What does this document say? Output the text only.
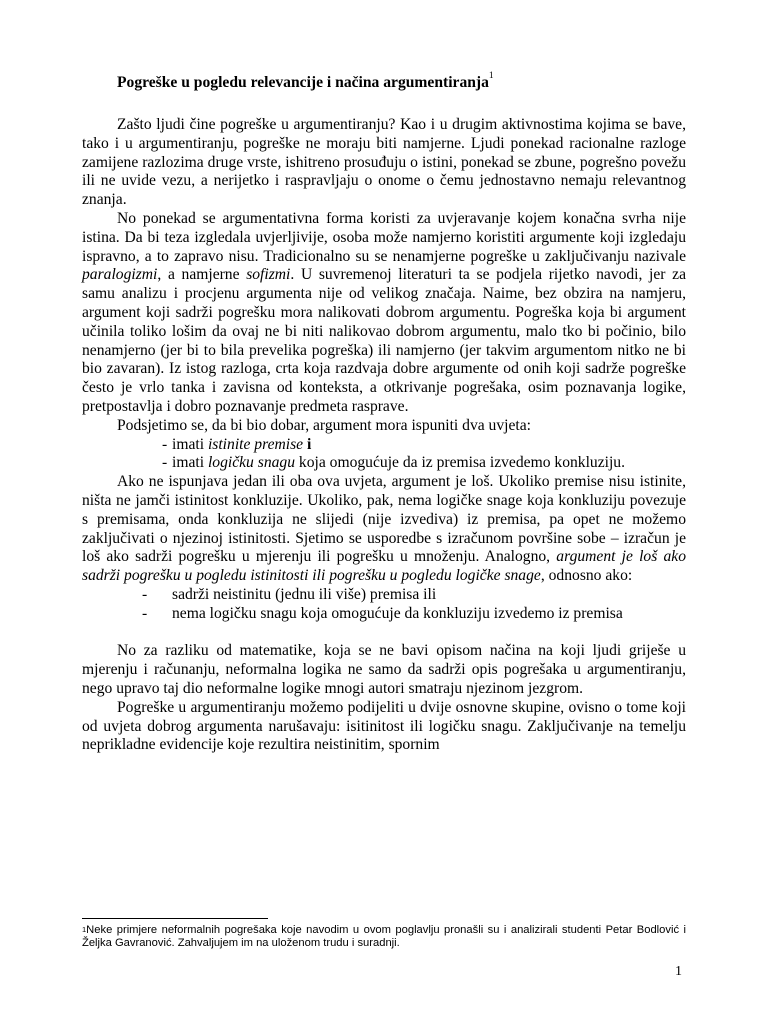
Pogreške u pogledu relevancije i načina argumentiranja$^1$

Zašto ljudi čine pogreške u argumentiranju? Kao i u drugim aktivnostima kojima se bave, tako i u argumentiranju, pogreške ne moraju biti namjerne. Ljudi ponekad racionalne razloge zamijene razlozima druge vrste, ishitreno prosuđuju o istini, ponekad se zbune, pogrešno povežu ili ne uvide vezu, a nerijetko i raspravljaju o onome o čemu jednostavno nemaju relevantnog znanja.

No ponekad se argumentativna forma koristi za uvjeravanje kojem konačna svrha nije istina. Da bi teza izgledala uvjerljivije, osoba može namjerno koristiti argumente koji izgledaju ispravno, a to zapravo nisu. Tradicionalno su se nenamjerne pogreške u zaključivanju nazivale paralogizmi, a namjerne sofizmi. U suvremenoj literaturi ta se podjela rijetko navodi, jer za samu analizu i procjenu argumenta nije od velikog značaja. Naime, bez obzira na namjeru, argument koji sadrži pogrešku mora nalikovati dobrom argumentu. Pogreška koja bi argument učinila toliko lošim da ovaj ne bi niti nalikovao dobrom argumentu, malo tko bi počinio, bilo nenamjerno (jer bi to bila prevelika pogreška) ili namjerno (jer takvim argumentom nitko ne bi bio zavaran). Iz istog razloga, crta koja razdvaja dobre argumente od onih koji sadrže pogreške često je vrlo tanka i zavisna od konteksta, a otkrivanje pogrešaka, osim poznavanja logike, pretpostavlja i dobro poznavanje predmeta rasprave.

Podsjetimo se, da bi bio dobar, argument mora ispuniti dva uvjeta:

- imati istinite premise i
- imati logičku snagu koja omogućuje da iz premisa izvedemo konkluziju.

Ako ne ispunjava jedan ili oba ova uvjeta, argument je loš. Ukoliko premise nisu istinite, ništa ne jamči istinitost konkluzije. Ukoliko, pak, nema logičke snage koja konkluziju povezuje s premisama, onda konkluzija ne slijedi (nije izvediva) iz premisa, pa opet ne možemo zaključivati o njezinoj istinitosti. Sjetimo se usporedbe s izračunom površine sobe – izračun je loš ako sadrži pogrešku u mjerenju ili pogrešku u množenju. Analogno, argument je loš ako sadrži pogrešku u pogledu istinitosti ili pogrešku u pogledu logičke snage, odnosno ako:

- sadrži neistinitu (jednu ili više) premisa ili
- nema logičku snagu koja omogućuje da konkluziju izvedemo iz premisa

No za razliku od matematike, koja se ne bavi opisom načina na koji ljudi griješe u mjerenju i računanju, neformalna logika ne samo da sadrži opis pogrešaka u argumentiranju, nego upravo taj dio neformalne logike mnogi autori smatraju njezinom jezgrom.

Pogreške u argumentiranju možemo podijeliti u dvije osnovne skupine, ovisno o tome koji od uvjeta dobrog argumenta narušavaju: isitinitost ili logičku snagu. Zaključivanje na temelju neprikladne evidencije koje rezultira neistinitim, spornim

$^1$Neke primjere neformalnih pogrešaka koje navodim u ovom poglavlju pronašli su i analizirali studenti Petar Bodlović i Željka Gavranović. Zahvaljujem im na uloženom trudu i suradnji.
1
